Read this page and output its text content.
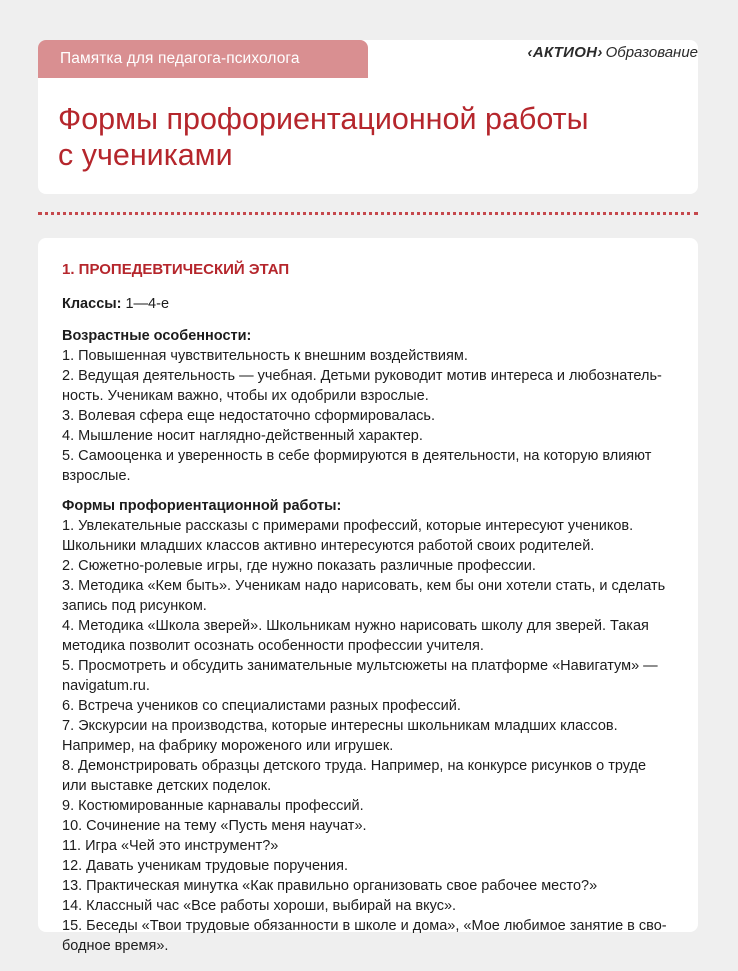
Памятка для педагога-психолога	‹АКТИОН› Образование
Формы профориентационной работы
с учениками
1. ПРОПЕДЕВТИЧЕСКИЙ ЭТАП
Классы: 1—4-е
Возрастные особенности:
1. Повышенная чувствительность к внешним воздействиям.
2. Ведущая деятельность — учебная. Детьми руководит мотив интереса и любознатель-ность. Ученикам важно, чтобы их одобрили взрослые.
3. Волевая сфера еще недостаточно сформировалась.
4. Мышление носит наглядно-действенный характер.
5. Самооценка и уверенность в себе формируются в деятельности, на которую влияют взрослые.
Формы профориентационной работы:
1. Увлекательные рассказы с примерами профессий, которые интересуют учеников. Школьники младших классов активно интересуются работой своих родителей.
2. Сюжетно-ролевые игры, где нужно показать различные профессии.
3. Методика «Кем быть». Ученикам надо нарисовать, кем бы они хотели стать, и сделать запись под рисунком.
4. Методика «Школа зверей». Школьникам нужно нарисовать школу для зверей. Такая методика позволит осознать особенности профессии учителя.
5. Просмотреть и обсудить занимательные мультсюжеты на платформе «Навигатум» — navigatum.ru.
6. Встреча учеников со специалистами разных профессий.
7. Экскурсии на производства, которые интересны школьникам младших классов. Например, на фабрику мороженого или игрушек.
8. Демонстрировать образцы детского труда. Например, на конкурсе рисунков о труде или выставке детских поделок.
9. Костюмированные карнавалы профессий.
10. Сочинение на тему «Пусть меня научат».
11. Игра «Чей это инструмент?»
12. Давать ученикам трудовые поручения.
13. Практическая минутка «Как правильно организовать свое рабочее место?»
14. Классный час «Все работы хороши, выбирай на вкус».
15. Беседы «Твои трудовые обязанности в школе и дома», «Мое любимое занятие в сво-бодное время».
